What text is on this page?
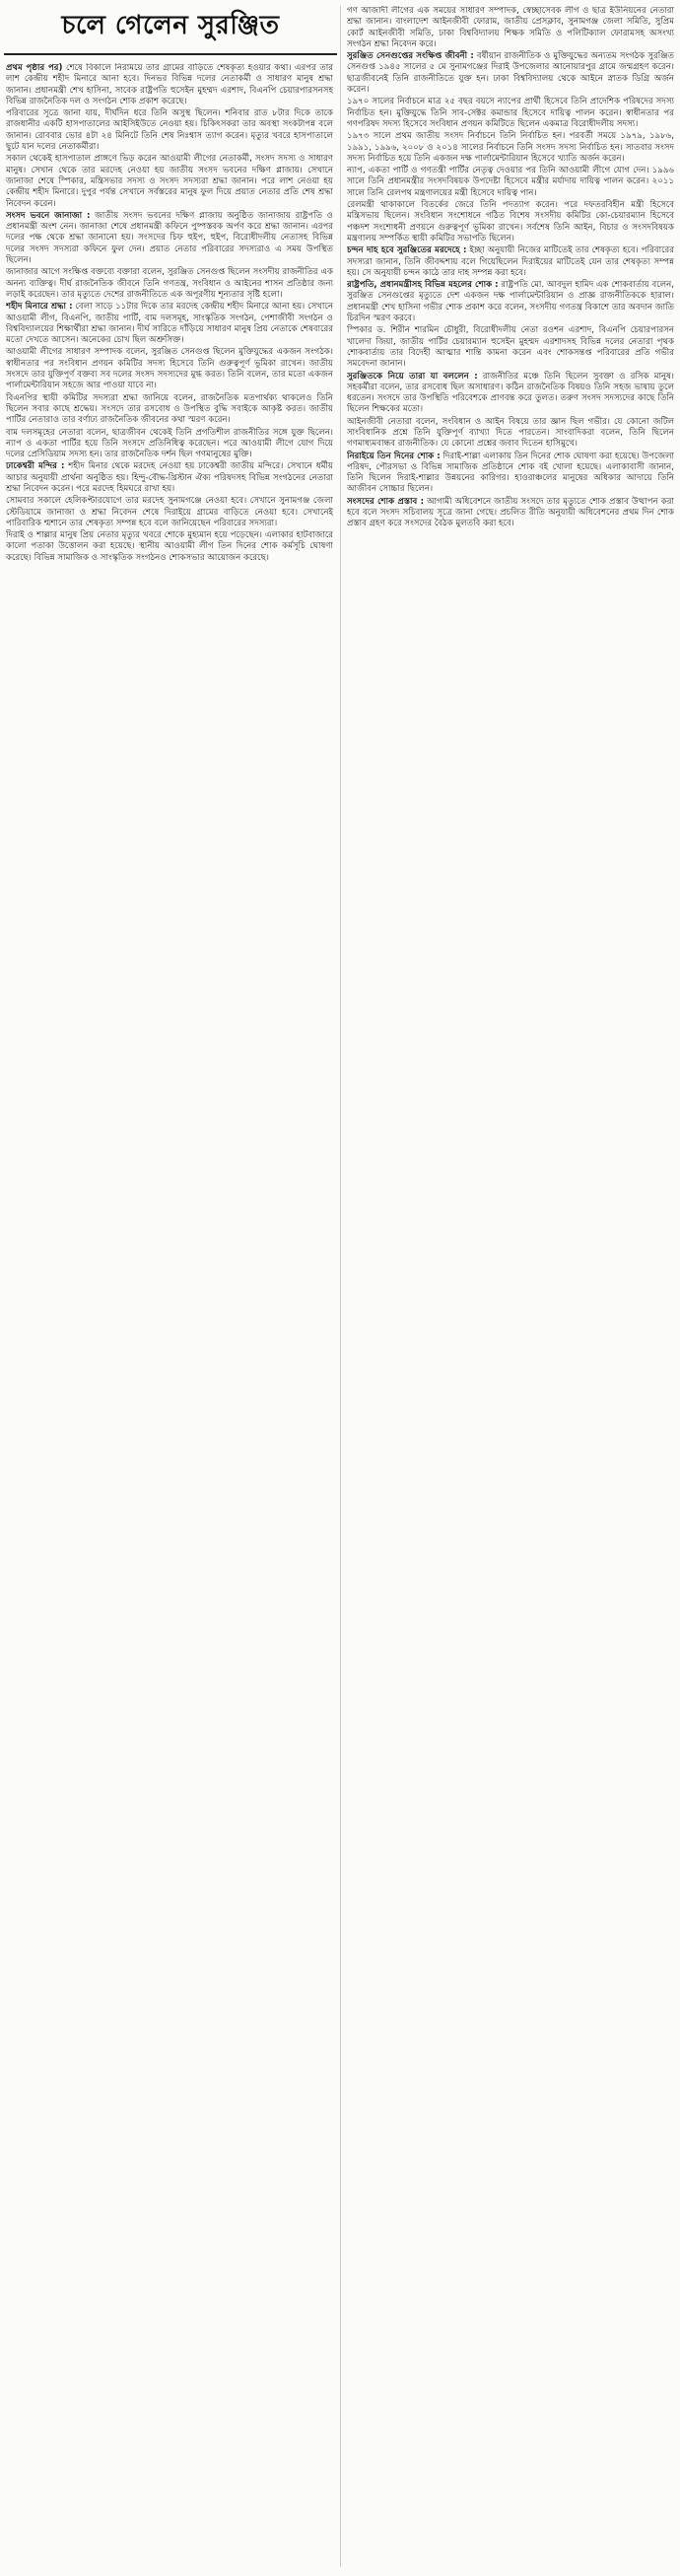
চলে গেলেন সুরঞ্জিত

প্রথম পৃষ্ঠার পর) শেষে বিকালে নিরাময়ে তার গ্রামের বাড়িতে শেষকৃত্য হওয়ার কথা। এরপর তার লাশ কেন্দ্রীয় শহীদ মিনারে আনা হবে। দিনভর বিভিন্ন দলের নেতাকর্মী ও সাধারণ মানুষ শ্রদ্ধা জানান। প্রধানমন্ত্রী শেখ হাসিনা, সাবেক রাষ্ট্রপতি হুসেইন মুহম্মদ এরশাদ, বিএনপি চেয়ারপারসনসহ বিভিন্ন রাজনৈতিক দল ও সংগঠন শোক প্রকাশ করেছে।

পরিবারের সূত্রে জানা যায়, দীর্ঘদিন ধরে তিনি অসুস্থ ছিলেন। শনিবার রাত ৮টার দিকে তাকে রাজধানীর একটি হাসপাতালের আইসিইউতে নেওয়া হয়। চিকিৎসকরা তার অবস্থা সংকটাপন্ন বলে জানান। রোববার ভোর ৪টা ২৪ মিনিটে তিনি শেষ নিঃশ্বাস ত্যাগ করেন। মৃত্যুর খবরে হাসপাতালে ছুটে যান দলের নেতাকর্মীরা।

সকাল থেকেই হাসপাতাল প্রাঙ্গণে ভিড় করেন আওয়ামী লীগের নেতাকর্মী, সংসদ সদস্য ও সাধারণ মানুষ। সেখান থেকে তার মরদেহ নেওয়া হয় জাতীয় সংসদ ভবনের দক্ষিণ প্লাজায়। সেখানে জানাজা শেষে স্পিকার, মন্ত্রিসভার সদস্য ও সংসদ সদস্যরা শ্রদ্ধা জানান। পরে লাশ নেওয়া হয় কেন্দ্রীয় শহীদ মিনারে। দুপুর পর্যন্ত সেখানে সর্বস্তরের মানুষ ফুল দিয়ে প্রয়াত নেতার প্রতি শেষ শ্রদ্ধা নিবেদন করেন।

সংসদ ভবনে জানাজা : জাতীয় সংসদ ভবনের দক্ষিণ প্লাজায় অনুষ্ঠিত জানাজায় রাষ্ট্রপতি ও প্রধানমন্ত্রী অংশ নেন। জানাজা শেষে প্রধানমন্ত্রী কফিনে পুষ্পস্তবক অর্পণ করে শ্রদ্ধা জানান। এরপর দলের পক্ষ থেকে শ্রদ্ধা জানানো হয়। সংসদের চিফ হুইপ, হুইপ, বিরোধীদলীয় নেতাসহ বিভিন্ন দলের সংসদ সদস্যরা কফিনে ফুল দেন। প্রয়াত নেতার পরিবারের সদস্যরাও এ সময় উপস্থিত ছিলেন।

জানাজার আগে সংক্ষিপ্ত বক্তব্যে বক্তারা বলেন, সুরঞ্জিত সেনগুপ্ত ছিলেন সংসদীয় রাজনীতির এক অনন্য ব্যক্তিত্ব। দীর্ঘ রাজনৈতিক জীবনে তিনি গণতন্ত্র, সংবিধান ও আইনের শাসন প্রতিষ্ঠার জন্য লড়াই করেছেন। তার মৃত্যুতে দেশের রাজনীতিতে এক অপূরণীয় শূন্যতার সৃষ্টি হলো।

শহীদ মিনারে শ্রদ্ধা : বেলা সাড়ে ১১টার দিকে তার মরদেহ কেন্দ্রীয় শহীদ মিনারে আনা হয়। সেখানে আওয়ামী লীগ, বিএনপি, জাতীয় পার্টি, বাম দলসমূহ, সাংস্কৃতিক সংগঠন, পেশাজীবী সংগঠন ও বিশ্ববিদ্যালয়ের শিক্ষার্থীরা শ্রদ্ধা জানান। দীর্ঘ সারিতে দাঁড়িয়ে সাধারণ মানুষ প্রিয় নেতাকে শেষবারের মতো দেখতে আসেন। অনেকের চোখ ছিল অশ্রুসিক্ত।

আওয়ামী লীগের সাধারণ সম্পাদক বলেন, সুরঞ্জিত সেনগুপ্ত ছিলেন মুক্তিযুদ্ধের একজন সংগঠক। স্বাধীনতার পর সংবিধান প্রণয়ন কমিটির সদস্য হিসেবে তিনি গুরুত্বপূর্ণ ভূমিকা রাখেন। জাতীয় সংসদে তার যুক্তিপূর্ণ বক্তব্য সব দলের সংসদ সদস্যদের মুগ্ধ করত। তিনি বলেন, তার মতো একজন পার্লামেন্টারিয়ান সহজে আর পাওয়া যাবে না।

বিএনপির স্থায়ী কমিটির সদস্যরা শ্রদ্ধা জানিয়ে বলেন, রাজনৈতিক মতপার্থক্য থাকলেও তিনি ছিলেন সবার কাছে শ্রদ্ধেয়। সংসদে তার রসবোধ ও উপস্থিত বুদ্ধি সবাইকে আকৃষ্ট করত। জাতীয় পার্টির নেতারাও তার বর্ণাঢ্য রাজনৈতিক জীবনের কথা স্মরণ করেন।

বাম দলসমূহের নেতারা বলেন, ছাত্রজীবন থেকেই তিনি প্রগতিশীল রাজনীতির সঙ্গে যুক্ত ছিলেন। ন্যাপ ও একতা পার্টির হয়ে তিনি সংসদে প্রতিনিধিত্ব করেছেন। পরে আওয়ামী লীগে যোগ দিয়ে দলের প্রেসিডিয়াম সদস্য হন। তার রাজনৈতিক দর্শন ছিল গণমানুষের মুক্তি।

ঢাকেশ্বরী মন্দির : শহীদ মিনার থেকে মরদেহ নেওয়া হয় ঢাকেশ্বরী জাতীয় মন্দিরে। সেখানে ধর্মীয় আচার অনুযায়ী প্রার্থনা অনুষ্ঠিত হয়। হিন্দু-বৌদ্ধ-খ্রিস্টান ঐক্য পরিষদসহ বিভিন্ন সংগঠনের নেতারা শ্রদ্ধা নিবেদন করেন। পরে মরদেহ হিমঘরে রাখা হয়।

সোমবার সকালে হেলিকপ্টারযোগে তার মরদেহ সুনামগঞ্জে নেওয়া হবে। সেখানে সুনামগঞ্জ জেলা স্টেডিয়ামে জানাজা ও শ্রদ্ধা নিবেদন শেষে দিরাইয়ে গ্রামের বাড়িতে নেওয়া হবে। সেখানেই পারিবারিক শ্মশানে তার শেষকৃত্য সম্পন্ন হবে বলে জানিয়েছেন পরিবারের সদস্যরা।

দিরাই ও শাল্লার মানুষ প্রিয় নেতার মৃত্যুর খবরে শোকে মুহ্যমান হয়ে পড়েছেন। এলাকার হাটবাজারে কালো পতাকা উত্তোলন করা হয়েছে। স্থানীয় আওয়ামী লীগ তিন দিনের শোক কর্মসূচি ঘোষণা করেছে। বিভিন্ন সামাজিক ও সাংস্কৃতিক সংগঠনও শোকসভার আয়োজন করেছে।

গণ আজাদী লীগের এক সময়ের সাধারণ সম্পাদক, স্বেচ্ছাসেবক লীগ ও ছাত্র ইউনিয়নের নেতারা শ্রদ্ধা জানান। বাংলাদেশ আইনজীবী ফোরাম, জাতীয় প্রেসক্লাব, সুনামগঞ্জ জেলা সমিতি, সুপ্রিম কোর্ট আইনজীবী সমিতি, ঢাকা বিশ্ববিদ্যালয় শিক্ষক সমিতি ও পলিটিক্যাল ফোরামসহ অসংখ্য সংগঠন শ্রদ্ধা নিবেদন করে।

সুরঞ্জিত সেনগুপ্তের সংক্ষিপ্ত জীবনী : বর্ষীয়ান রাজনীতিক ও মুক্তিযুদ্ধের অন্যতম সংগঠক সুরঞ্জিত সেনগুপ্ত ১৯৪৫ সালের ৫ মে সুনামগঞ্জের দিরাই উপজেলার আনোয়ারপুর গ্রামে জন্মগ্রহণ করেন। ছাত্রজীবনেই তিনি রাজনীতিতে যুক্ত হন। ঢাকা বিশ্ববিদ্যালয় থেকে আইনে স্নাতক ডিগ্রি অর্জন করেন।

১৯৭০ সালের নির্বাচনে মাত্র ২৫ বছর বয়সে ন্যাপের প্রার্থী হিসেবে তিনি প্রাদেশিক পরিষদের সদস্য নির্বাচিত হন। মুক্তিযুদ্ধে তিনি সাব-সেক্টর কমান্ডার হিসেবে দায়িত্ব পালন করেন। স্বাধীনতার পর গণপরিষদ সদস্য হিসেবে সংবিধান প্রণয়ন কমিটিতে ছিলেন একমাত্র বিরোধীদলীয় সদস্য।

১৯৭৩ সালে প্রথম জাতীয় সংসদ নির্বাচনে তিনি নির্বাচিত হন। পরবর্তী সময়ে ১৯৭৯, ১৯৮৬, ১৯৯১, ১৯৯৬, ২০০৮ ও ২০১৪ সালের নির্বাচনে তিনি সংসদ সদস্য নির্বাচিত হন। সাতবার সংসদ সদস্য নির্বাচিত হয়ে তিনি একজন দক্ষ পার্লামেন্টারিয়ান হিসেবে খ্যাতি অর্জন করেন।

ন্যাপ, একতা পার্টি ও গণতন্ত্রী পার্টির নেতৃত্ব দেওয়ার পর তিনি আওয়ামী লীগে যোগ দেন। ১৯৯৬ সালে তিনি প্রধানমন্ত্রীর সংসদবিষয়ক উপদেষ্টা হিসেবে মন্ত্রীর মর্যাদায় দায়িত্ব পালন করেন। ২০১১ সালে তিনি রেলপথ মন্ত্রণালয়ের মন্ত্রী হিসেবে দায়িত্ব পান।

রেলমন্ত্রী থাকাকালে বিতর্কের জেরে তিনি পদত্যাগ করেন। পরে দফতরবিহীন মন্ত্রী হিসেবে মন্ত্রিসভায় ছিলেন। সংবিধান সংশোধনে গঠিত বিশেষ সংসদীয় কমিটির কো-চেয়ারম্যান হিসেবে পঞ্চদশ সংশোধনী প্রণয়নে গুরুত্বপূর্ণ ভূমিকা রাখেন। সর্বশেষ তিনি আইন, বিচার ও সংসদবিষয়ক মন্ত্রণালয় সম্পর্কিত স্থায়ী কমিটির সভাপতি ছিলেন।

চন্দন দাহ হবে সুরঞ্জিতের মরদেহে : ইচ্ছা অনুযায়ী নিজের মাটিতেই তার শেষকৃত্য হবে। পরিবারের সদস্যরা জানান, তিনি জীবদ্দশায় বলে গিয়েছিলেন দিরাইয়ের মাটিতেই যেন তার শেষকৃত্য সম্পন্ন হয়। সে অনুযায়ী চন্দন কাঠে তার দাহ সম্পন্ন করা হবে।

রাষ্ট্রপতি, প্রধানমন্ত্রীসহ বিভিন্ন মহলের শোক : রাষ্ট্রপতি মো. আবদুল হামিদ এক শোকবার্তায় বলেন, সুরঞ্জিত সেনগুপ্তের মৃত্যুতে দেশ একজন দক্ষ পার্লামেন্টারিয়ান ও প্রাজ্ঞ রাজনীতিককে হারাল। প্রধানমন্ত্রী শেখ হাসিনা গভীর শোক প্রকাশ করে বলেন, সংসদীয় গণতন্ত্র বিকাশে তার অবদান জাতি চিরদিন স্মরণ করবে।

স্পিকার ড. শিরীন শারমিন চৌধুরী, বিরোধীদলীয় নেতা রওশন এরশাদ, বিএনপি চেয়ারপারসন খালেদা জিয়া, জাতীয় পার্টির চেয়ারম্যান হুসেইন মুহম্মদ এরশাদসহ বিভিন্ন দলের নেতারা পৃথক শোকবার্তায় তার বিদেহী আত্মার শান্তি কামনা করেন এবং শোকসন্তপ্ত পরিবারের প্রতি গভীর সমবেদনা জানান।

সুরঞ্জিতকে নিয়ে তারা যা বললেন : রাজনীতির মঞ্চে তিনি ছিলেন সুবক্তা ও রসিক মানুষ। সহকর্মীরা বলেন, তার রসবোধ ছিল অসাধারণ। কঠিন রাজনৈতিক বিষয়ও তিনি সহজ ভাষায় তুলে ধরতেন। সংসদে তার উপস্থিতি পরিবেশকে প্রাণবন্ত করে তুলত। তরুণ সংসদ সদস্যদের কাছে তিনি ছিলেন শিক্ষকের মতো।

আইনজীবী নেতারা বলেন, সংবিধান ও আইন বিষয়ে তার জ্ঞান ছিল গভীর। যে কোনো জটিল সাংবিধানিক প্রশ্নে তিনি যুক্তিপূর্ণ ব্যাখ্যা দিতে পারতেন। সাংবাদিকরা বলেন, তিনি ছিলেন গণমাধ্যমবান্ধব রাজনীতিক। যে কোনো প্রশ্নের জবাব দিতেন হাসিমুখে।

নিরাইয়ে তিন দিনের শোক : দিরাই-শাল্লা এলাকায় তিন দিনের শোক ঘোষণা করা হয়েছে। উপজেলা পরিষদ, পৌরসভা ও বিভিন্ন সামাজিক প্রতিষ্ঠানে শোক বই খোলা হয়েছে। এলাকাবাসী জানান, তিনি ছিলেন দিরাই-শাল্লার উন্নয়নের কারিগর। হাওরাঞ্চলের মানুষের অধিকার আদায়ে তিনি আজীবন সোচ্চার ছিলেন।

সংসদের শোক প্রস্তাব : আগামী অধিবেশনে জাতীয় সংসদে তার মৃত্যুতে শোক প্রস্তাব উত্থাপন করা হবে বলে সংসদ সচিবালয় সূত্রে জানা গেছে। প্রচলিত রীতি অনুযায়ী অধিবেশনের প্রথম দিন শোক প্রস্তাব গ্রহণ করে সংসদের বৈঠক মুলতবি করা হবে।
